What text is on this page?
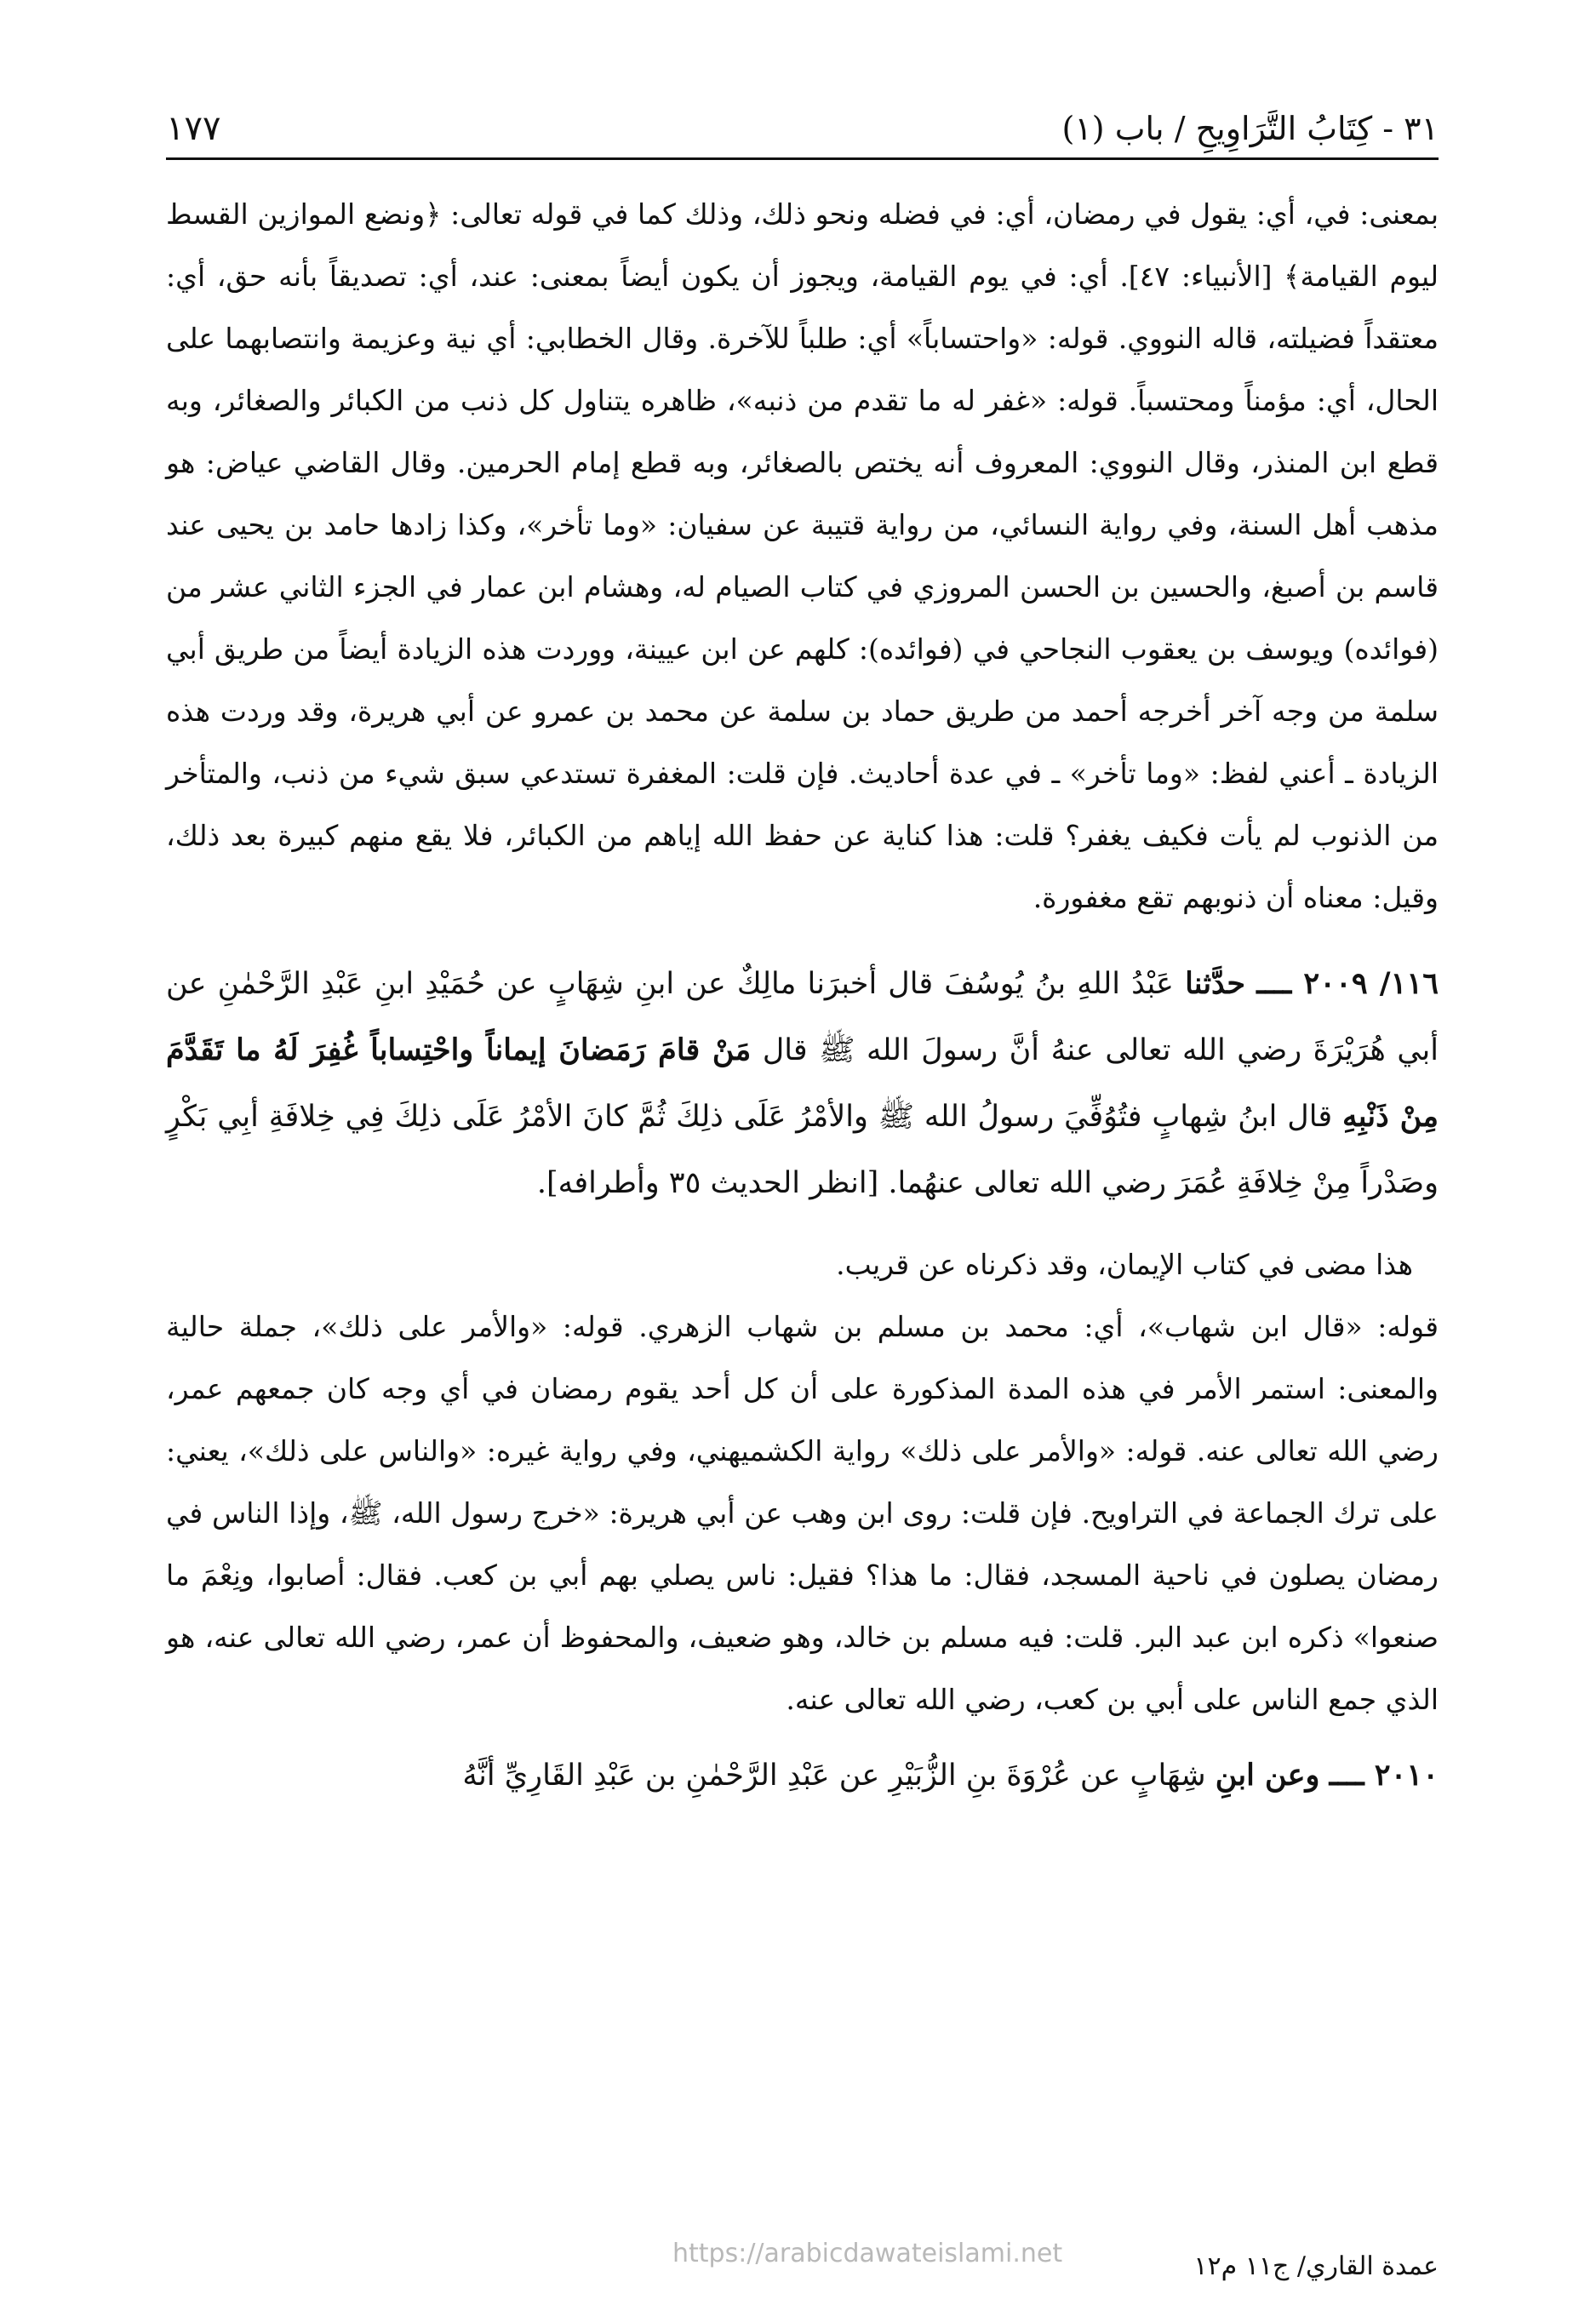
٣١ - كِتَابُ التَّرَاوِيحِ / باب (١)
١٧٧

بمعنى: في، أي: يقول في رمضان، أي: في فضله ونحو ذلك، وذلك كما في قوله تعالى: ﴿ونضع الموازين القسط ليوم القيامة﴾ [الأنبياء: ٤٧]. أي: في يوم القيامة، ويجوز أن يكون أيضاً بمعنى: عند، أي: تصديقاً بأنه حق، أي: معتقداً فضيلته، قاله النووي. قوله: «واحتساباً» أي: طلباً للآخرة. وقال الخطابي: أي نية وعزيمة وانتصابهما على الحال، أي: مؤمناً ومحتسباً. قوله: «غفر له ما تقدم من ذنبه»، ظاهره يتناول كل ذنب من الكبائر والصغائر، وبه قطع ابن المنذر، وقال النووي: المعروف أنه يختص بالصغائر، وبه قطع إمام الحرمين. وقال القاضي عياض: هو مذهب أهل السنة، وفي رواية النسائي، من رواية قتيبة عن سفيان: «وما تأخر»، وكذا زادها حامد بن يحيى عند قاسم بن أصبغ، والحسين بن الحسن المروزي في كتاب الصيام له، وهشام ابن عمار في الجزء الثاني عشر من (فوائده) ويوسف بن يعقوب النجاحي في (فوائده): كلهم عن ابن عيينة، ووردت هذه الزيادة أيضاً من طريق أبي سلمة من وجه آخر أخرجه أحمد من طريق حماد بن سلمة عن محمد بن عمرو عن أبي هريرة، وقد وردت هذه الزيادة ـ أعني لفظ: «وما تأخر» ـ في عدة أحاديث. فإن قلت: المغفرة تستدعي سبق شيء من ذنب، والمتأخر من الذنوب لم يأت فكيف يغفر؟ قلت: هذا كناية عن حفظ الله إياهم من الكبائر، فلا يقع منهم كبيرة بعد ذلك، وقيل: معناه أن ذنوبهم تقع مغفورة.

١١٦/ ٢٠٠٩ ــــ حدَّثنا عَبْدُ اللهِ بنُ يُوسُفَ قال أخبرَنا مالِكٌ عن ابنِ شِهَابٍ عن حُمَيْدِ ابنِ عَبْدِ الرَّحْمٰنِ عن أبي هُرَيْرَةَ رضي الله تعالى عنهُ أنَّ رسولَ الله ﷺ قال مَنْ قامَ رَمَضانَ إيماناً واحْتِساباً غُفِرَ لَهُ ما تَقَدَّمَ مِنْ ذَنْبِهِ قال ابنُ شِهابٍ فتُوُفِّيَ رسولُ الله ﷺ والأمْرُ عَلَى ذلِكَ ثُمَّ كانَ الأمْرُ عَلَى ذلِكَ فِي خِلافَةِ أبِي بَكْرٍ وصَدْراً مِنْ خِلافَةِ عُمَرَ رضي الله تعالى عنهُما. [انظر الحديث ٣٥ وأطرافه].

هذا مضى في كتاب الإيمان، وقد ذكرناه عن قريب.

قوله: «قال ابن شهاب»، أي: محمد بن مسلم بن شهاب الزهري. قوله: «والأمر على ذلك»، جملة حالية والمعنى: استمر الأمر في هذه المدة المذكورة على أن كل أحد يقوم رمضان في أي وجه كان جمعهم عمر، رضي الله تعالى عنه. قوله: «والأمر على ذلك» رواية الكشميهني، وفي رواية غيره: «والناس على ذلك»، يعني: على ترك الجماعة في التراويح. فإن قلت: روى ابن وهب عن أبي هريرة: «خرج رسول الله، ﷺ، وإذا الناس في رمضان يصلون في ناحية المسجد، فقال: ما هذا؟ فقيل: ناس يصلي بهم أبي بن كعب. فقال: أصابوا، ونِعْمَ ما صنعوا» ذكره ابن عبد البر. قلت: فيه مسلم بن خالد، وهو ضعيف، والمحفوظ أن عمر، رضي الله تعالى عنه، هو الذي جمع الناس على أبي بن كعب، رضي الله تعالى عنه.

٢٠١٠ ــــ وعن ابنِ شِهَابٍ عن عُرْوَةَ بنِ الزُّبَيْرِ عن عَبْدِ الرَّحْمٰنِ بن عَبْدِ القَارِيِّ أنَّهُ
عمدة القاري/ ج١١ م١٢
https://arabicdawateislami.net
